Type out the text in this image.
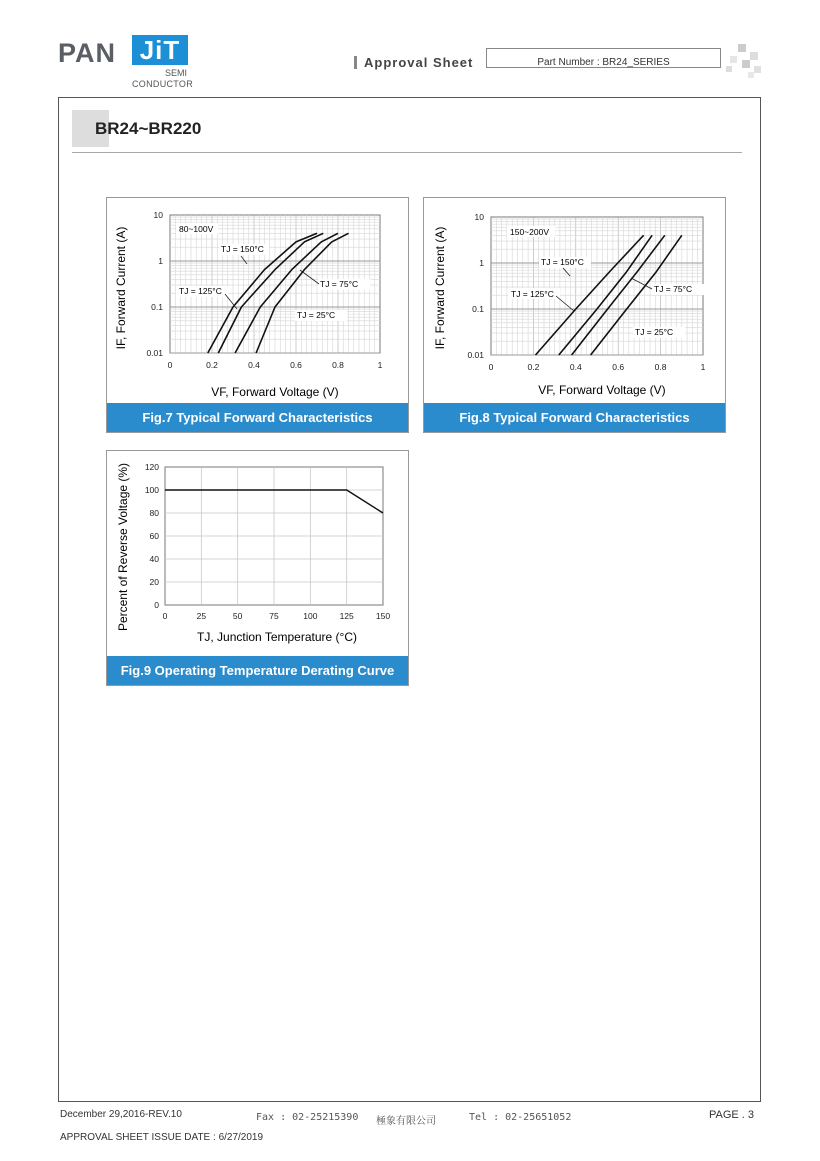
PAN JiT
SEMI
CONDUCTOR
Approval Sheet	Part Number : BR24_SERIES
BR24~BR220
10
1
0.1
0.01
0	0.2	0.4	0.6	0.8	1
IF, Forward Current (A)
VF, Forward Voltage (V)
80~100V
TJ = 150°C
TJ = 125°C
TJ = 75°C
TJ = 25°C
Fig.7 Typical Forward Characteristics
10
1
0.1
0.01
0	0.2	0.4	0.6	0.8	1
IF, Forward Current (A)
VF, Forward Voltage (V)
150~200V
TJ = 150°C
TJ = 125°C	TJ = 75°C
TJ = 25°C
Fig.8 Typical Forward Characteristics
120
100
80
60
40
20
0
0	25	50	75	100	125	150
Percent of Reverse Voltage (%)
TJ, Junction Temperature (°C)
Fig.9 Operating Temperature Derating Curve
December 29,2016-REV.10	Fax : 02-25215390 極象有限公司	Tel : 02-25651052	PAGE . 3
APPROVAL SHEET ISSUE DATE : 6/27/2019
